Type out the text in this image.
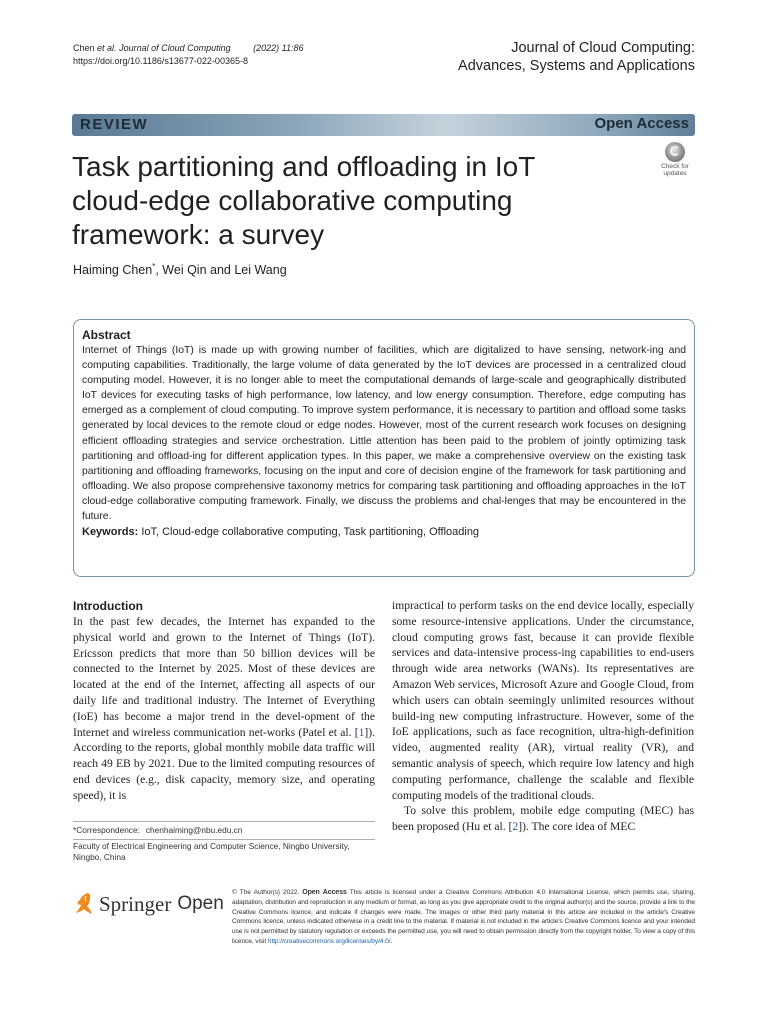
Chen et al. Journal of Cloud Computing	(2022) 11:86
https://doi.org/10.1186/s13677-022-00365-8
Journal of Cloud Computing:
Advances, Systems and Applications
REVIEW	Open Access
Task partitioning and offloading in IoT
cloud-edge collaborative computing
framework: a survey
Check for
updates
Haiming Chen*, Wei Qin and Lei Wang
Abstract
Internet of Things (IoT) is made up with growing number of facilities, which are digitalized to have sensing, network-ing and computing capabilities. Traditionally, the large volume of data generated by the IoT devices are processed in a centralized cloud computing model. However, it is no longer able to meet the computational demands of large-scale and geographically distributed IoT devices for executing tasks of high performance, low latency, and low energy consumption. Therefore, edge computing has emerged as a complement of cloud computing. To improve system performance, it is necessary to partition and offload some tasks generated by local devices to the remote cloud or edge nodes. However, most of the current research work focuses on designing efficient offloading strategies and service orchestration. Little attention has been paid to the problem of jointly optimizing task partitioning and offload-ing for different application types. In this paper, we make a comprehensive overview on the existing task partitioning and offloading frameworks, focusing on the input and core of decision engine of the framework for task partitioning and offloading. We also propose comprehensive taxonomy metrics for comparing task partitioning and offloading approaches in the IoT cloud-edge collaborative computing framework. Finally, we discuss the problems and chal-lenges that may be encountered in the future.
Keywords: IoT, Cloud-edge collaborative computing, Task partitioning, Offloading
Introduction

In the past few decades, the Internet has expanded to the physical world and grown to the Internet of Things (IoT). Ericsson predicts that more than 50 billion devices will be connected to the Internet by 2025. Most of these devices are located at the end of the Internet, affecting all aspects of our daily life and traditional industry. The Internet of Everything (IoE) has become a major trend in the devel-opment of the Internet and wireless communication net-works (Patel et al. [1]). According to the reports, global monthly mobile data traffic will reach 49 EB by 2021. Due to the limited computing resources of end devices (e.g., disk capacity, memory size, and operating speed), it is

impractical to perform tasks on the end device locally, especially some resource-intensive applications. Under the circumstance, cloud computing grows fast, because it can provide flexible services and data-intensive process-ing capabilities to end-users through wide area networks (WANs). Its representatives are Amazon Web services, Microsoft Azure and Google Cloud, from which users can obtain seemingly unlimited resources without build-ing new computing infrastructure. However, some of the IoE applications, such as face recognition, ultra-high-definition video, augmented reality (AR), virtual reality (VR), and semantic analysis of speech, which require low latency and high computing performance, challenge the scalable and flexible computing models of the traditional clouds.

To solve this problem, mobile edge computing (MEC) has been proposed (Hu et al. [2]). The core idea of MEC

*Correspondence: chenhaiming@nbu.edu.cn
Faculty of Electrical Engineering and Computer Science, Ningbo University, Ningbo, China
Springer Open
© The Author(s) 2022. Open Access This article is licensed under a Creative Commons Attribution 4.0 International License, which permits use, sharing, adaptation, distribution and reproduction in any medium or format, as long as you give appropriate credit to the original author(s) and the source, provide a link to the Creative Commons licence, and indicate if changes were made. The images or other third party material in this article are included in the article's Creative Commons licence, unless indicated otherwise in a credit line to the material. If material is not included in the article's Creative Commons licence and your intended use is not permitted by statutory regulation or exceeds the permitted use, you will need to obtain permission directly from the copyright holder. To view a copy of this licence, visit http://creativecommons.org/licenses/by/4.0/.
